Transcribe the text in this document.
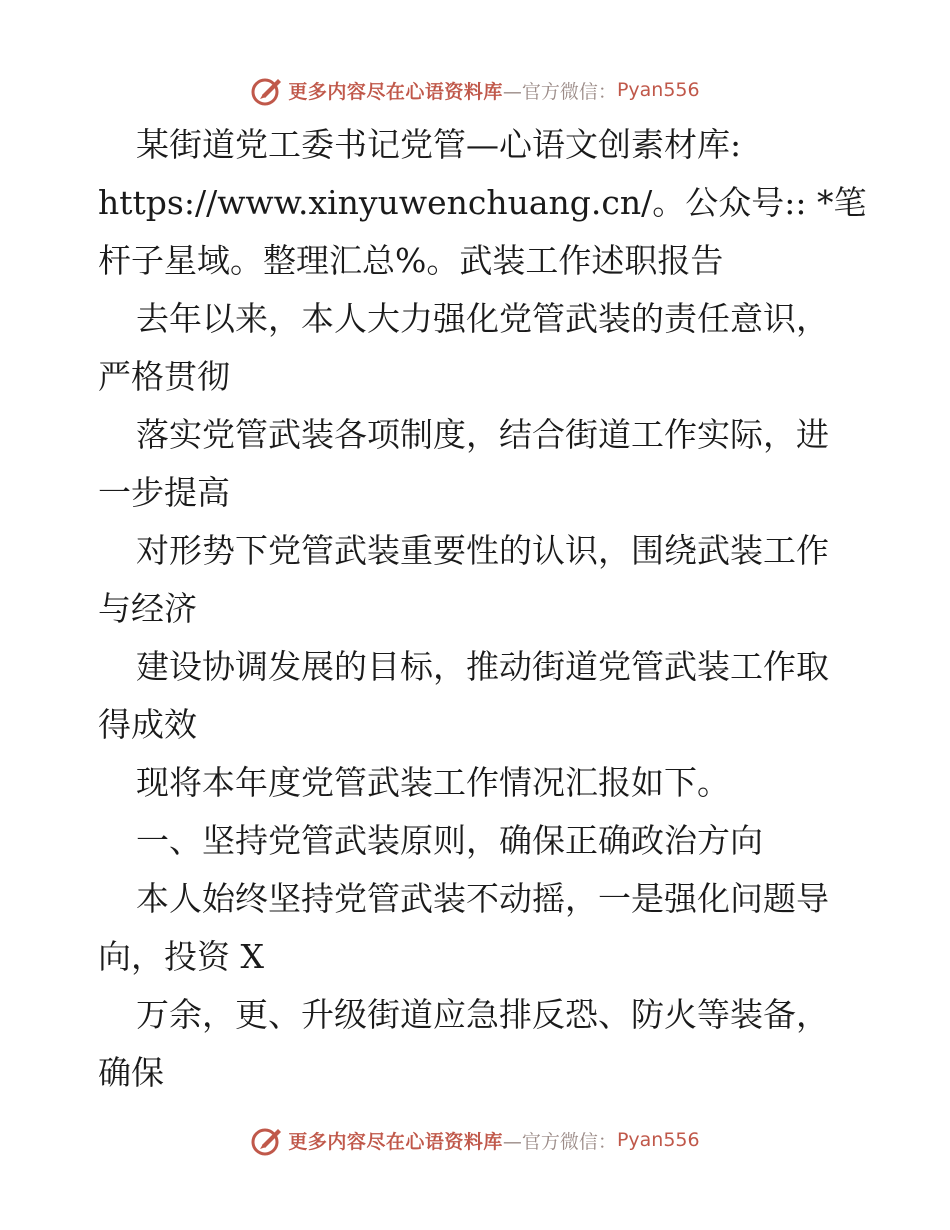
更多内容尽在心语资料库 —官方微信： Pyan556
某街道党工委书记党管—心语文创素材库:
https://www.xinyuwenchuang.cn/。公众号:: *笔
杆子星域。整理汇总%。武装工作述职报告
去年以来，本人大力强化党管武装的责任意识，
严格贯彻
落实党管武装各项制度，结合街道工作实际，进
一步提高
对形势下党管武装重要性的认识，围绕武装工作
与经济
建设协调发展的目标，推动街道党管武装工作取
得成效
现将本年度党管武装工作情况汇报如下。
一、坚持党管武装原则，确保正确政治方向
本人始终坚持党管武装不动摇，一是强化问题导
向，投资 X
万余，更、升级街道应急排反恐、防火等装备，
确保
更多内容尽在心语资料库 —官方微信： Pyan556
